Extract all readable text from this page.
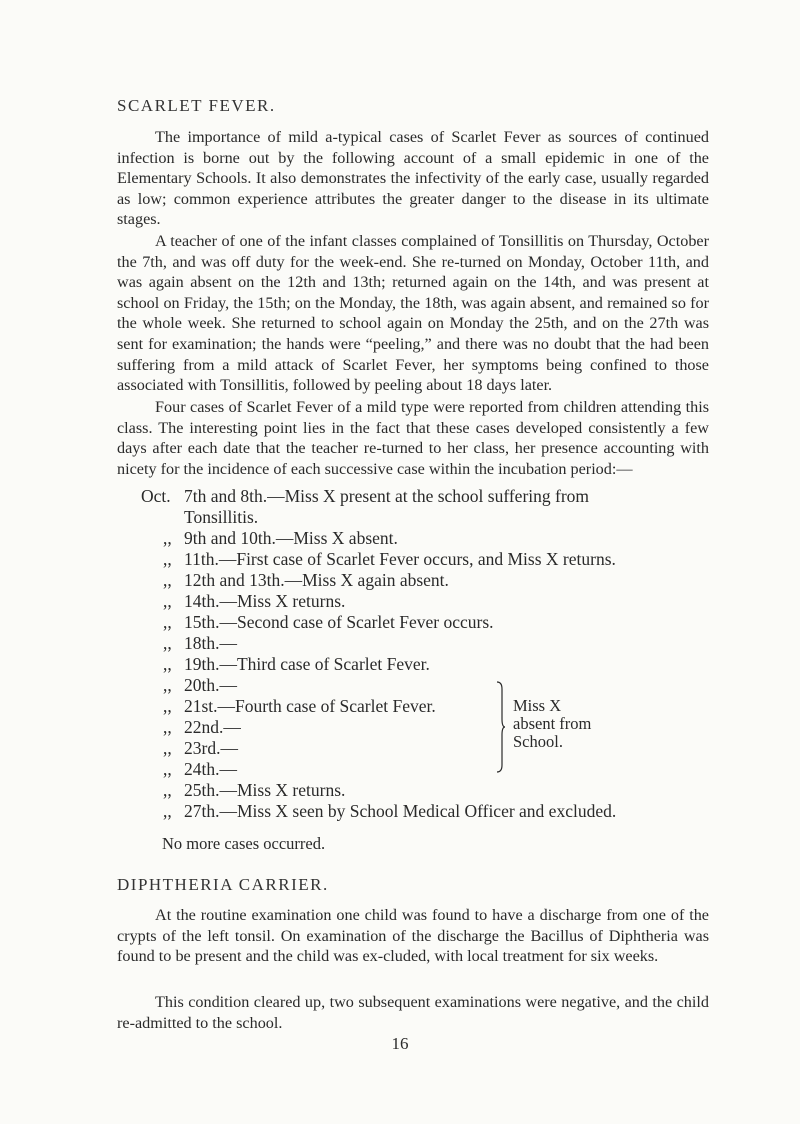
SCARLET FEVER.

The importance of mild a-typical cases of Scarlet Fever as sources of continued infection is borne out by the following account of a small epidemic in one of the Elementary Schools. It also demonstrates the infectivity of the early case, usually regarded as low; common experience attributes the greater danger to the disease in its ultimate stages.

A teacher of one of the infant classes complained of Tonsillitis on Thursday, October the 7th, and was off duty for the week-end. She re-turned on Monday, October 11th, and was again absent on the 12th and 13th; returned again on the 14th, and was present at school on Friday, the 15th; on the Monday, the 18th, was again absent, and remained so for the whole week. She returned to school again on Monday the 25th, and on the 27th was sent for examination; the hands were “peeling,” and there was no doubt that the had been suffering from a mild attack of Scarlet Fever, her symptoms being confined to those associated with Tonsillitis, followed by peeling about 18 days later.

Four cases of Scarlet Fever of a mild type were reported from children attending this class. The interesting point lies in the fact that these cases developed consistently a few days after each date that the teacher re-turned to her class, her presence accounting with nicety for the incidence of each successive case within the incubation period:—

Oct. 7th and 8th.—Miss X present at the school suffering from
Tonsillitis.
,, 9th and 10th.—Miss X absent.
,, 11th.—First case of Scarlet Fever occurs, and Miss X returns.
,, 12th and 13th.—Miss X again absent.
,, 14th.—Miss X returns.
,, 15th.—Second case of Scarlet Fever occurs.
,, 18th.—
,, 19th.—Third case of Scarlet Fever.
,, 20th.—
,, 21st.—Fourth case of Scarlet Fever.
,, 22nd.—
,, 23rd.—
,, 24th.—
,, 25th.—Miss X returns.
,, 27th.—Miss X seen by School Medical Officer and excluded.
Miss X
absent from
School.
No more cases occurred.
DIPHTHERIA CARRIER.

At the routine examination one child was found to have a discharge from one of the crypts of the left tonsil. On examination of the discharge the Bacillus of Diphtheria was found to be present and the child was ex-cluded, with local treatment for six weeks.

This condition cleared up, two subsequent examinations were negative, and the child re-admitted to the school.

16
